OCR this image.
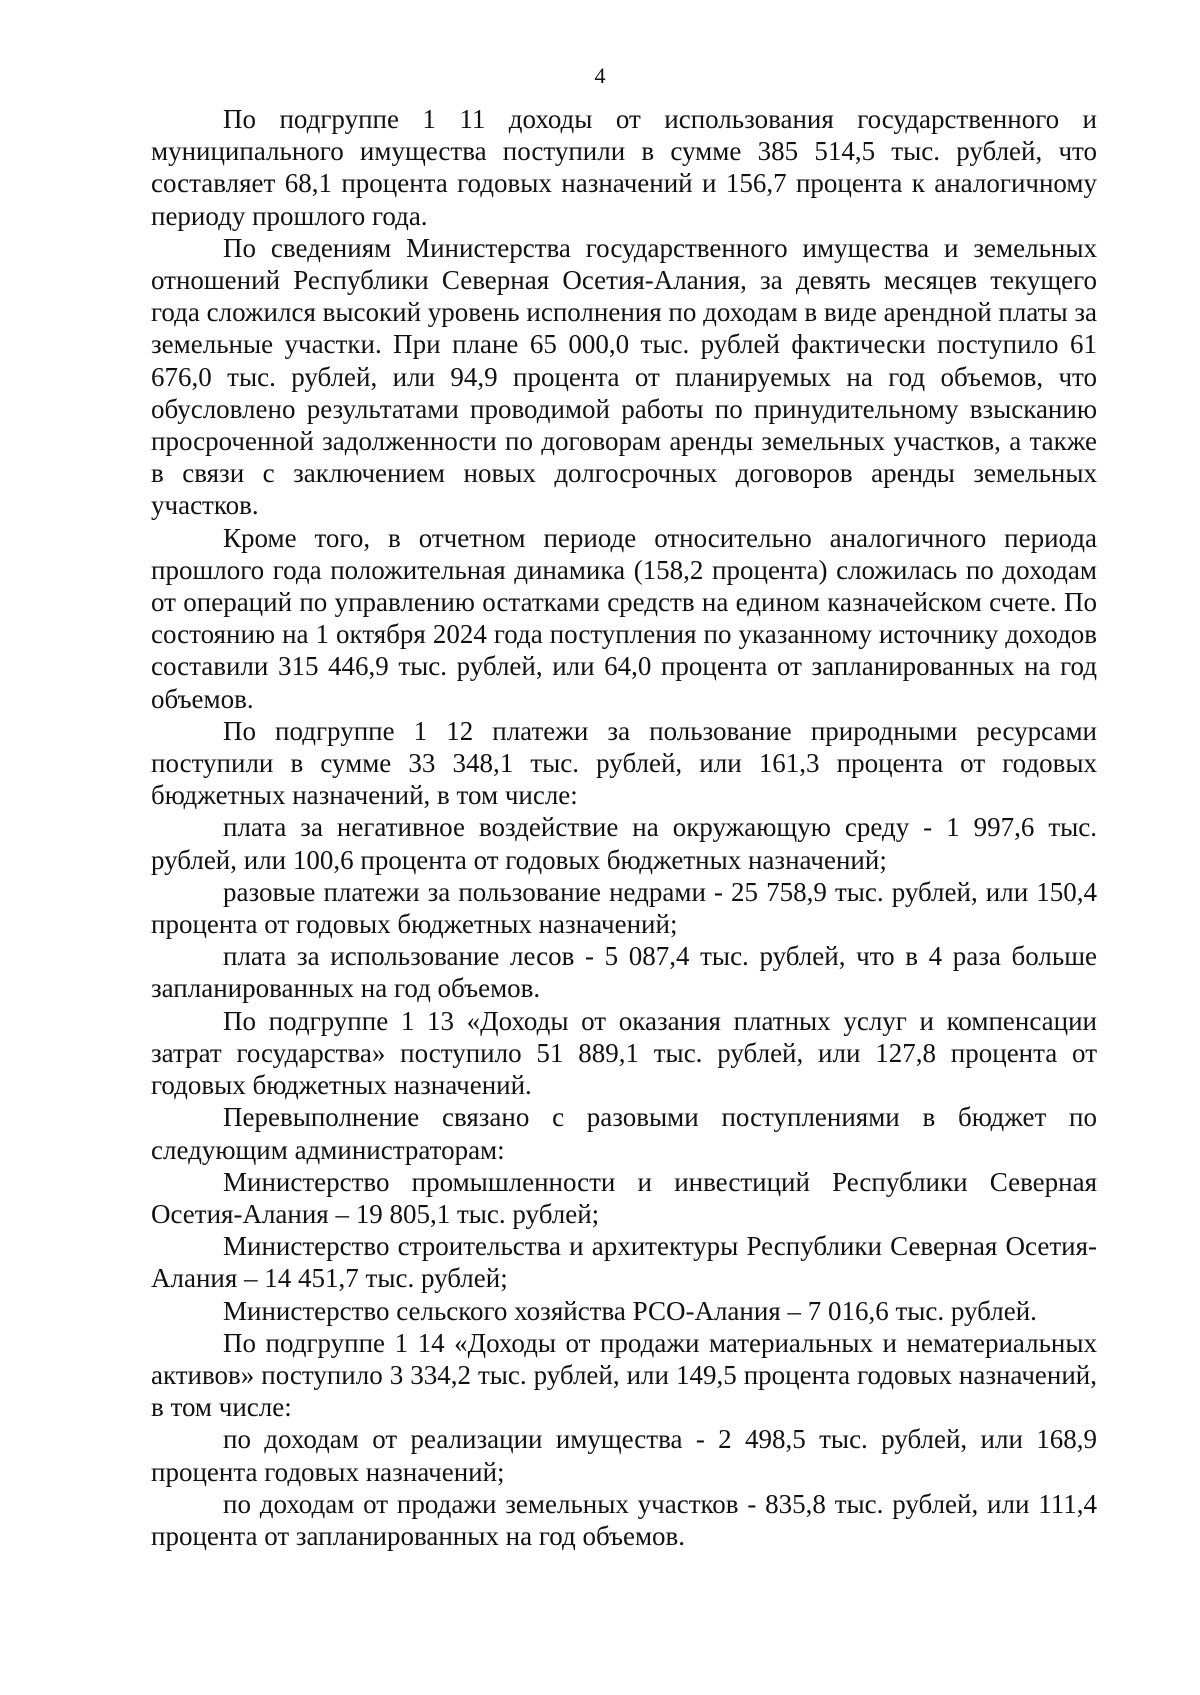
4

По подгруппе 1 11 доходы от использования государственного и муниципального имущества поступили в сумме 385 514,5 тыс. рублей, что составляет 68,1 процента годовых назначений и 156,7 процента к аналогичному периоду прошлого года.

По сведениям Министерства государственного имущества и земельных отношений Республики Северная Осетия-Алания, за девять месяцев текущего года сложился высокий уровень исполнения по доходам в виде арендной платы за земельные участки. При плане 65 000,0 тыс. рублей фактически поступило 61 676,0 тыс. рублей, или 94,9 процента от планируемых на год объемов, что обусловлено результатами проводимой работы по принудительному взысканию просроченной задолженности по договорам аренды земельных участков, а также в связи с заключением новых долгосрочных договоров аренды земельных участков.

Кроме того, в отчетном периоде относительно аналогичного периода прошлого года положительная динамика (158,2 процента) сложилась по доходам от операций по управлению остатками средств на едином казначейском счете. По состоянию на 1 октября 2024 года поступления по указанному источнику доходов составили 315 446,9 тыс. рублей, или 64,0 процента от запланированных на год объемов.

По подгруппе 1 12 платежи за пользование природными ресурсами поступили в сумме 33 348,1 тыс. рублей, или 161,3 процента от годовых бюджетных назначений, в том числе:

плата за негативное воздействие на окружающую среду - 1 997,6 тыс. рублей, или 100,6 процента от годовых бюджетных назначений;

разовые платежи за пользование недрами - 25 758,9 тыс. рублей, или 150,4 процента от годовых бюджетных назначений;

плата за использование лесов - 5 087,4 тыс. рублей, что в 4 раза больше запланированных на год объемов.

По подгруппе 1 13 «Доходы от оказания платных услуг и компенсации затрат государства» поступило 51 889,1 тыс. рублей, или 127,8 процента от годовых бюджетных назначений.

Перевыполнение связано с разовыми поступлениями в бюджет по следующим администраторам:

Министерство промышленности и инвестиций Республики Северная Осетия-Алания – 19 805,1 тыс. рублей;

Министерство строительства и архитектуры Республики Северная Осетия-Алания – 14 451,7 тыс. рублей;

Министерство сельского хозяйства РСО-Алания – 7 016,6 тыс. рублей.

По подгруппе 1 14 «Доходы от продажи материальных и нематериальных активов» поступило 3 334,2 тыс. рублей, или 149,5 процента годовых назначений, в том числе:

по доходам от реализации имущества - 2 498,5 тыс. рублей, или 168,9 процента годовых назначений;

по доходам от продажи земельных участков - 835,8 тыс. рублей, или 111,4 процента от запланированных на год объемов.
